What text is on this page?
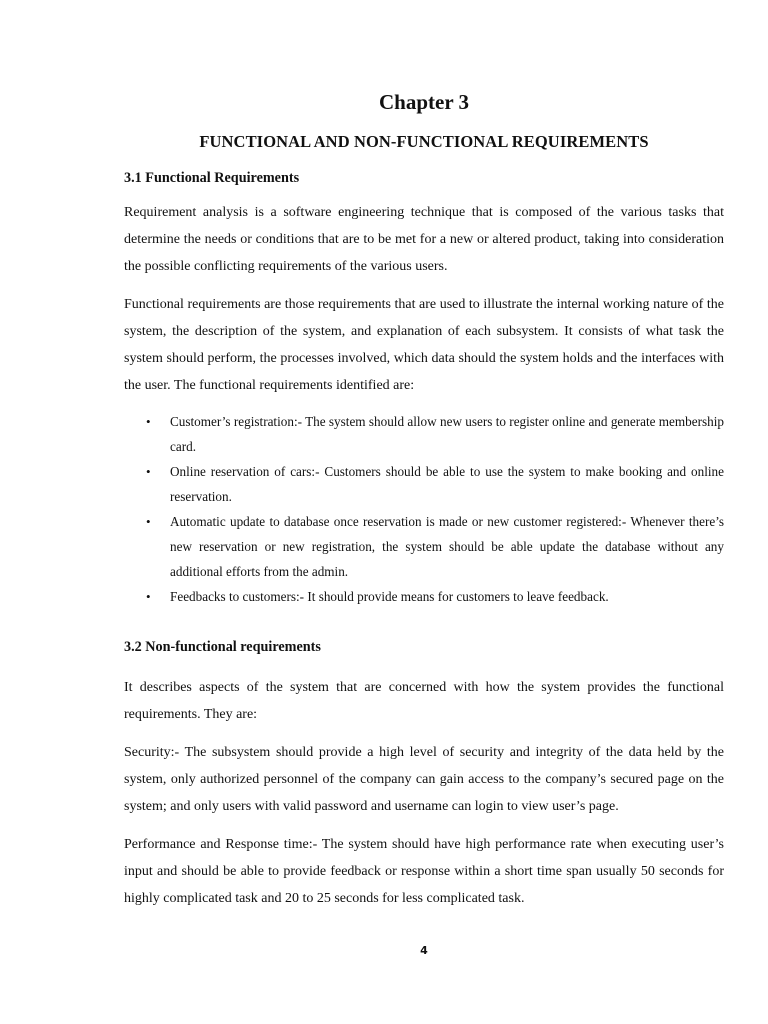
Chapter 3
FUNCTIONAL AND NON-FUNCTIONAL REQUIREMENTS
3.1 Functional Requirements

Requirement analysis is a software engineering technique that is composed of the various tasks that determine the needs or conditions that are to be met for a new or altered product, taking into consideration the possible conflicting requirements of the various users.

Functional requirements are those requirements that are used to illustrate the internal working nature of the system, the description of the system, and explanation of each subsystem. It consists of what task the system should perform, the processes involved, which data should the system holds and the interfaces with the user. The functional requirements identified are:

• Customer’s registration:- The system should allow new users to register online and generate membership card.
• Online reservation of cars:- Customers should be able to use the system to make booking and online reservation.
• Automatic update to database once reservation is made or new customer registered:- Whenever there’s new reservation or new registration, the system should be able update the database without any additional efforts from the admin.
• Feedbacks to customers:- It should provide means for customers to leave feedback.
3.2 Non-functional requirements

It describes aspects of the system that are concerned with how the system provides the functional requirements. They are:

Security:- The subsystem should provide a high level of security and integrity of the data held by the system, only authorized personnel of the company can gain access to the company’s secured page on the system; and only users with valid password and username can login to view user’s page.

Performance and Response time:- The system should have high performance rate when executing user’s input and should be able to provide feedback or response within a short time span usually 50 seconds for highly complicated task and 20 to 25 seconds for less complicated task.

4
